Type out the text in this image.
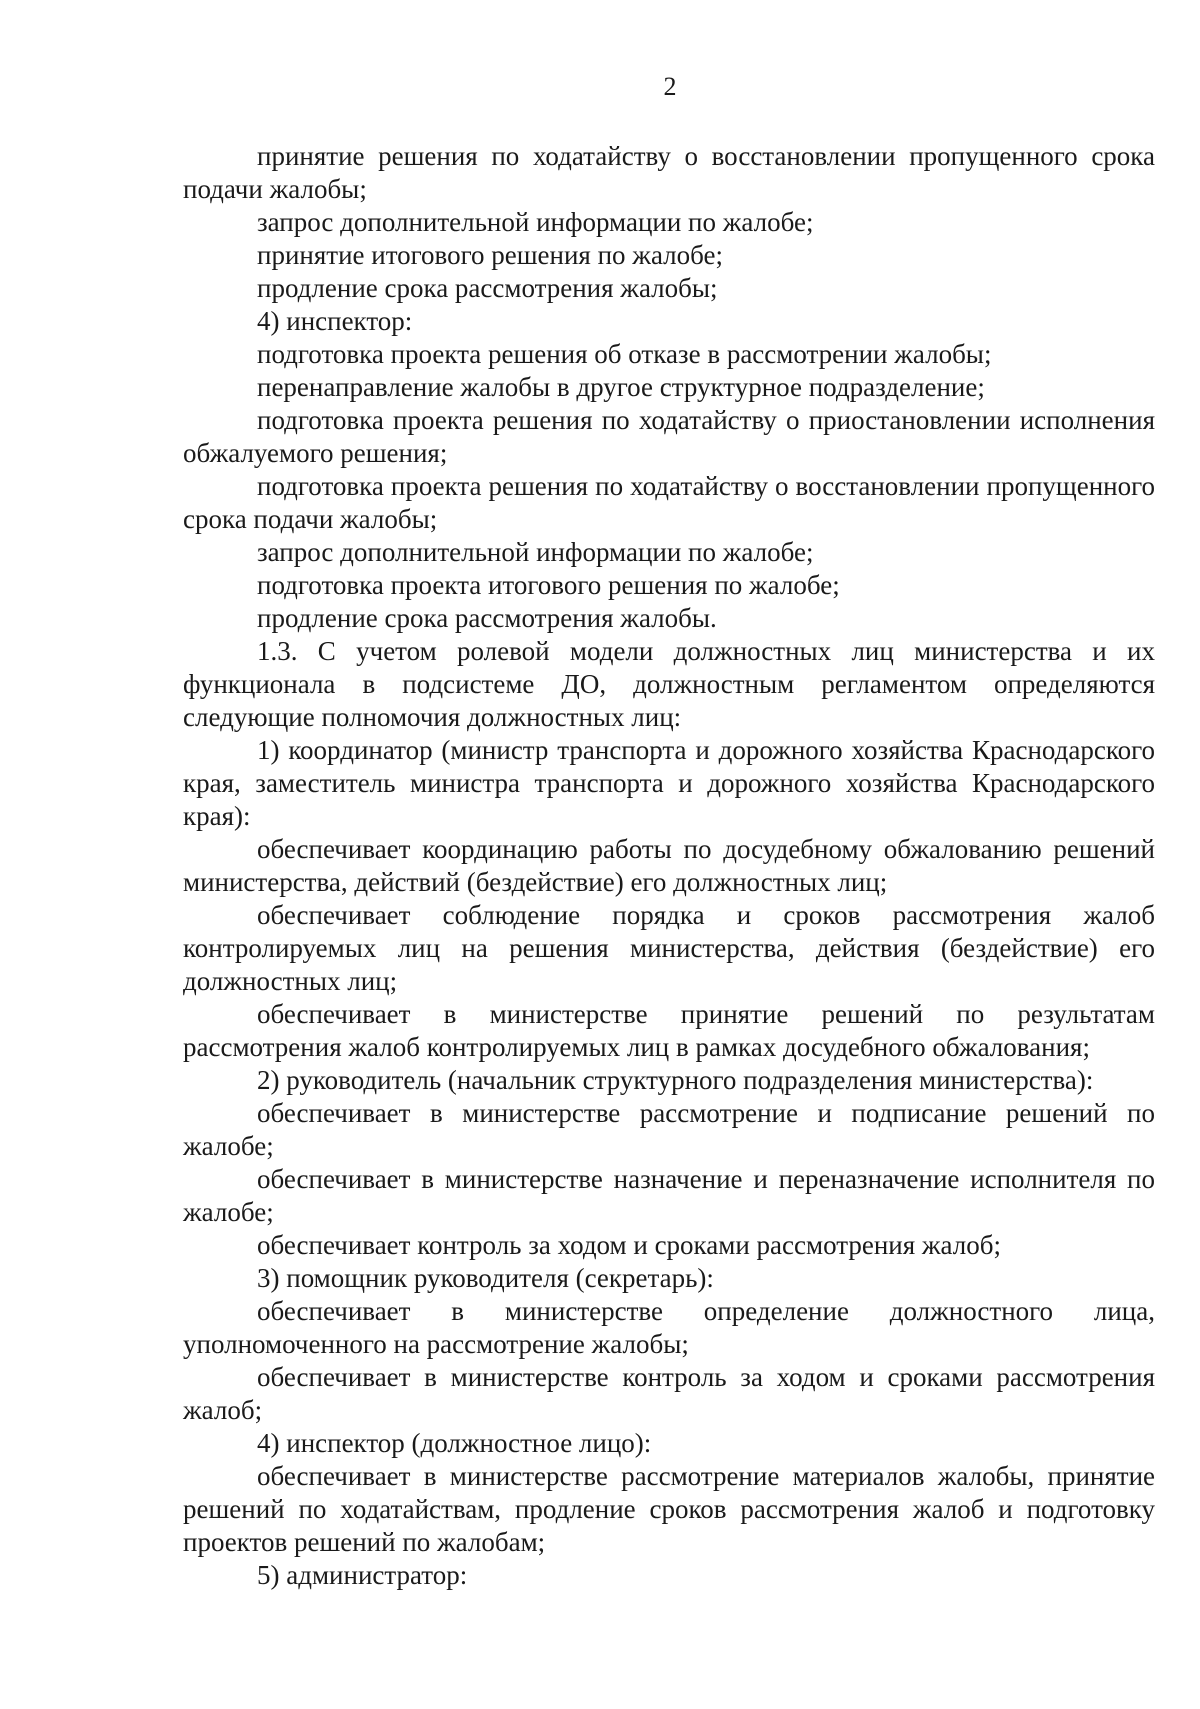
2

принятие решения по ходатайству о восстановлении пропущенного срока подачи жалобы;

запрос дополнительной информации по жалобе;

принятие итогового решения по жалобе;

продление срока рассмотрения жалобы;

4) инспектор:

подготовка проекта решения об отказе в рассмотрении жалобы;

перенаправление жалобы в другое структурное подразделение;

подготовка проекта решения по ходатайству о приостановлении исполнения обжалуемого решения;

подготовка проекта решения по ходатайству о восстановлении пропущенного срока подачи жалобы;

запрос дополнительной информации по жалобе;

подготовка проекта итогового решения по жалобе;

продление срока рассмотрения жалобы.

1.3. С учетом ролевой модели должностных лиц министерства и их функционала в подсистеме ДО, должностным регламентом определяются следующие полномочия должностных лиц:

1) координатор (министр транспорта и дорожного хозяйства Краснодарского края, заместитель министра транспорта и дорожного хозяйства Краснодарского края):

обеспечивает координацию работы по досудебному обжалованию решений министерства, действий (бездействие) его должностных лиц;

обеспечивает соблюдение порядка и сроков рассмотрения жалоб контролируемых лиц на решения министерства, действия (бездействие) его должностных лиц;

обеспечивает в министерстве принятие решений по результатам рассмотрения жалоб контролируемых лиц в рамках досудебного обжалования;

2) руководитель (начальник структурного подразделения министерства):

обеспечивает в министерстве рассмотрение и подписание решений по жалобе;

обеспечивает в министерстве назначение и переназначение исполнителя по жалобе;

обеспечивает контроль за ходом и сроками рассмотрения жалоб;

3) помощник руководителя (секретарь):

обеспечивает в министерстве определение должностного лица, уполномоченного на рассмотрение жалобы;

обеспечивает в министерстве контроль за ходом и сроками рассмотрения жалоб;

4) инспектор (должностное лицо):

обеспечивает в министерстве рассмотрение материалов жалобы, принятие решений по ходатайствам, продление сроков рассмотрения жалоб и подготовку проектов решений по жалобам;

5) администратор:
